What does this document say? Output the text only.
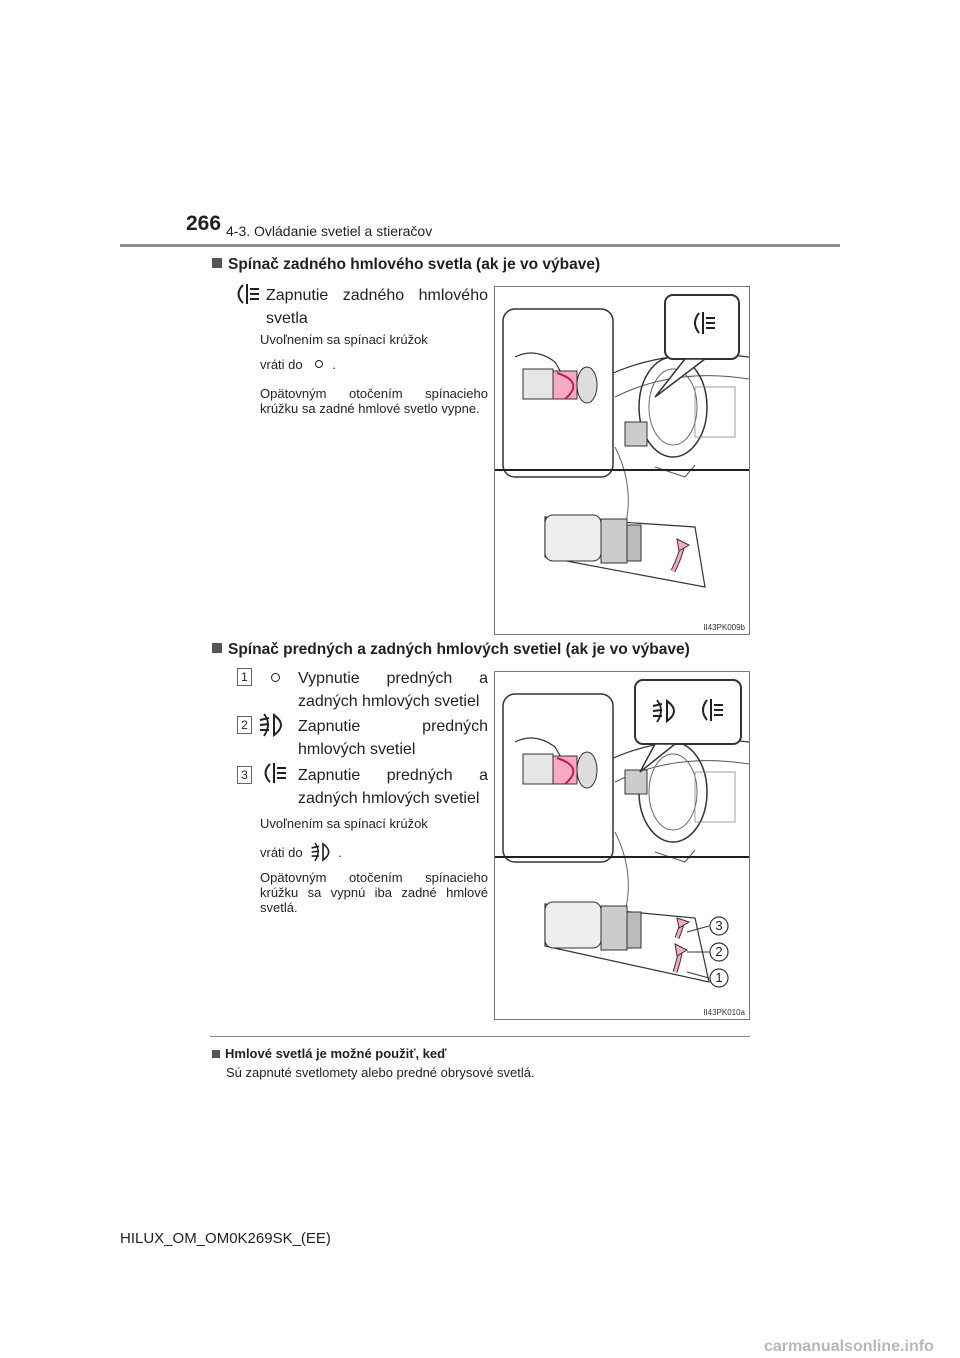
266 4-3. Ovládanie svetiel a stieračov
Spínač zadného hmlového svetla (ak je vo výbave)
Zapnutie zadného hmlového svetla
Uvoľnením sa spínací krúžok
vráti do .
Opätovným otočením spínacieho krúžku sa zadné hmlové svetlo vypne.
II43PK009b
Spínač predných a zadných hmlových svetiel (ak je vo výbave)
1	Vypnutie predných a zadných hmlových svetiel
2	Zapnutie predných hmlových svetiel
3	Zapnutie predných a zadných hmlových svetiel
Uvoľnením sa spínací krúžok
vráti do	.
Opätovným otočením spínacieho krúžku sa vypnú iba zadné hmlové svetlá.
3
2
1
II43PK010a
Hmlové svetlá je možné použiť, keď
Sú zapnuté svetlomety alebo predné obrysové svetlá.
HILUX_OM_OM0K269SK_(EE)
carmanualsonline.info
